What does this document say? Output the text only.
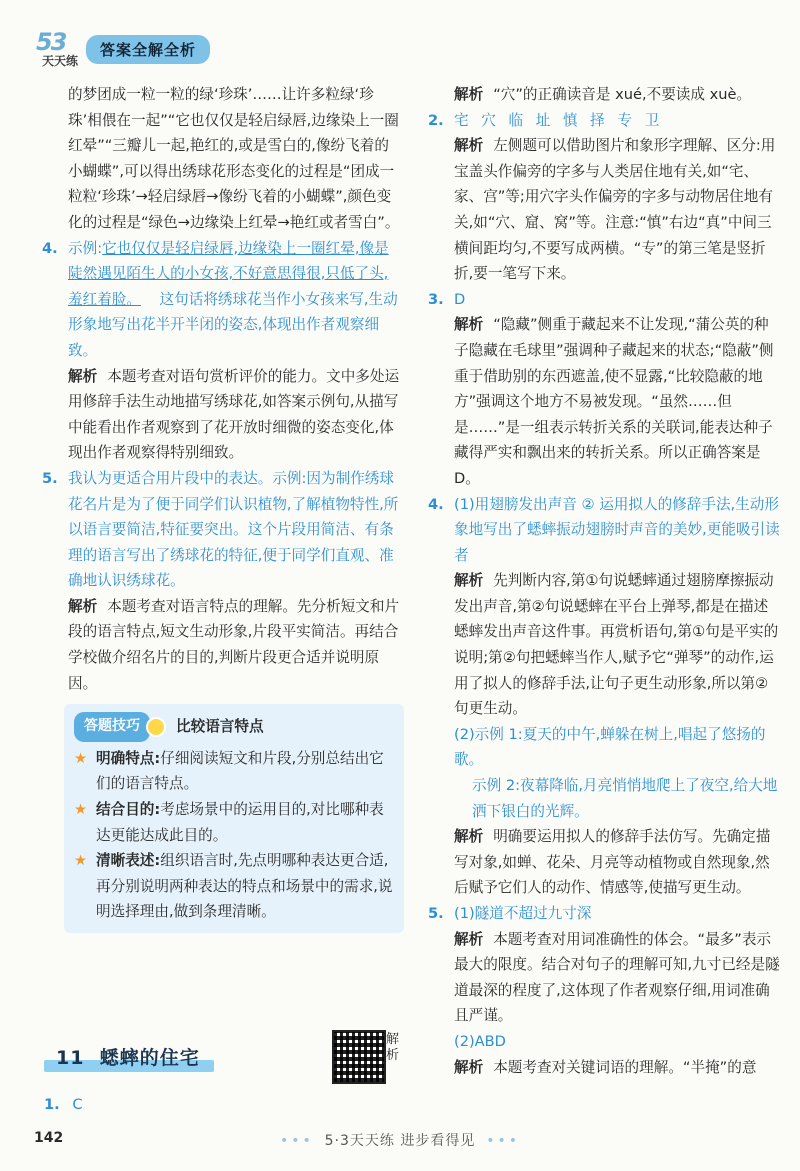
53
天天练
答案全解全析

的梦团成一粒一粒的绿‘珍珠’……让许多粒绿‘珍珠’相偎在一起”“它也仅仅是轻启绿唇,边缘染上一圈红晕”“三瓣儿一起,艳红的,或是雪白的,像纷飞着的小蝴蝶”,可以得出绣球花形态变化的过程是“团成一粒粒‘珍珠’→轻启绿唇→像纷飞着的小蝴蝶”,颜色变化的过程是“绿色→边缘染上红晕→艳红或者雪白”。

4. 示例:它也仅仅是轻启绿唇,边缘染上一圈红晕,像是陡然遇见陌生人的小女孩,不好意思得很,只低了头,羞红着脸。 这句话将绣球花当作小女孩来写,生动形象地写出花半开半闭的姿态,体现出作者观察细致。

解析 本题考查对语句赏析评价的能力。文中多处运用修辞手法生动地描写绣球花,如答案示例句,从描写中能看出作者观察到了花开放时细微的姿态变化,体现出作者观察得特别细致。

5. 我认为更适合用片段中的表达。示例:因为制作绣球花名片是为了便于同学们认识植物,了解植物特性,所以语言要简洁,特征要突出。这个片段用简洁、有条理的语言写出了绣球花的特征,便于同学们直观、准确地认识绣球花。

解析 本题考查对语言特点的理解。先分析短文和片段的语言特点,短文生动形象,片段平实简洁。再结合学校做介绍名片的目的,判断片段更合适并说明原因。

答题技巧	比较语言特点
★ 明确特点:仔细阅读短文和片段,分别总结出它们的语言特点。
★ 结合目的:考虑场景中的运用目的,对比哪种表达更能达成此目的。
★ 清晰表述:组织语言时,先点明哪种表达更合适,再分别说明两种表达的特点和场景中的需求,说明选择理由,做到条理清晰。
11 蟋蟀的住宅
解析
1. C

解析 “穴”的正确读音是 xué,不要读成 xuè。

2. 宅 穴 临 址 慎 择 专 卫

解析 左侧题可以借助图片和象形字理解、区分:用宝盖头作偏旁的字多与人类居住地有关,如“宅、家、宫”等;用穴字头作偏旁的字多与动物居住地有关,如“穴、窟、窝”等。注意:“慎”右边“真”中间三横间距均匀,不要写成两横。“专”的第三笔是竖折折,要一笔写下来。

3. D

解析 “隐藏”侧重于藏起来不让发现,“蒲公英的种子隐藏在毛球里”强调种子藏起来的状态;“隐蔽”侧重于借助别的东西遮盖,使不显露,“比较隐蔽的地方”强调这个地方不易被发现。“虽然……但是……”是一组表示转折关系的关联词,能表达种子藏得严实和飘出来的转折关系。所以正确答案是 D。

4. (1)用翅膀发出声音 ② 运用拟人的修辞手法,生动形象地写出了蟋蟀振动翅膀时声音的美妙,更能吸引读者

解析 先判断内容,第①句说蟋蟀通过翅膀摩擦振动发出声音,第②句说蟋蟀在平台上弹琴,都是在描述蟋蟀发出声音这件事。再赏析语句,第①句是平实的说明;第②句把蟋蟀当作人,赋予它“弹琴”的动作,运用了拟人的修辞手法,让句子更生动形象,所以第②句更生动。

(2)示例 1:夏天的中午,蝉躲在树上,唱起了悠扬的歌。

示例 2:夜幕降临,月亮悄悄地爬上了夜空,给大地洒下银白的光辉。

解析 明确要运用拟人的修辞手法仿写。先确定描写对象,如蝉、花朵、月亮等动植物或自然现象,然后赋予它们人的动作、情感等,使描写更生动。

5. (1)隧道不超过九寸深

解析 本题考查对用词准确性的体会。“最多”表示最大的限度。结合对句子的理解可知,九寸已经是隧道最深的程度了,这体现了作者观察仔细,用词准确且严谨。

(2)ABD

解析 本题考查对关键词语的理解。“半掩”的意

142	••• 5·3天天练 进步看得见 •••
